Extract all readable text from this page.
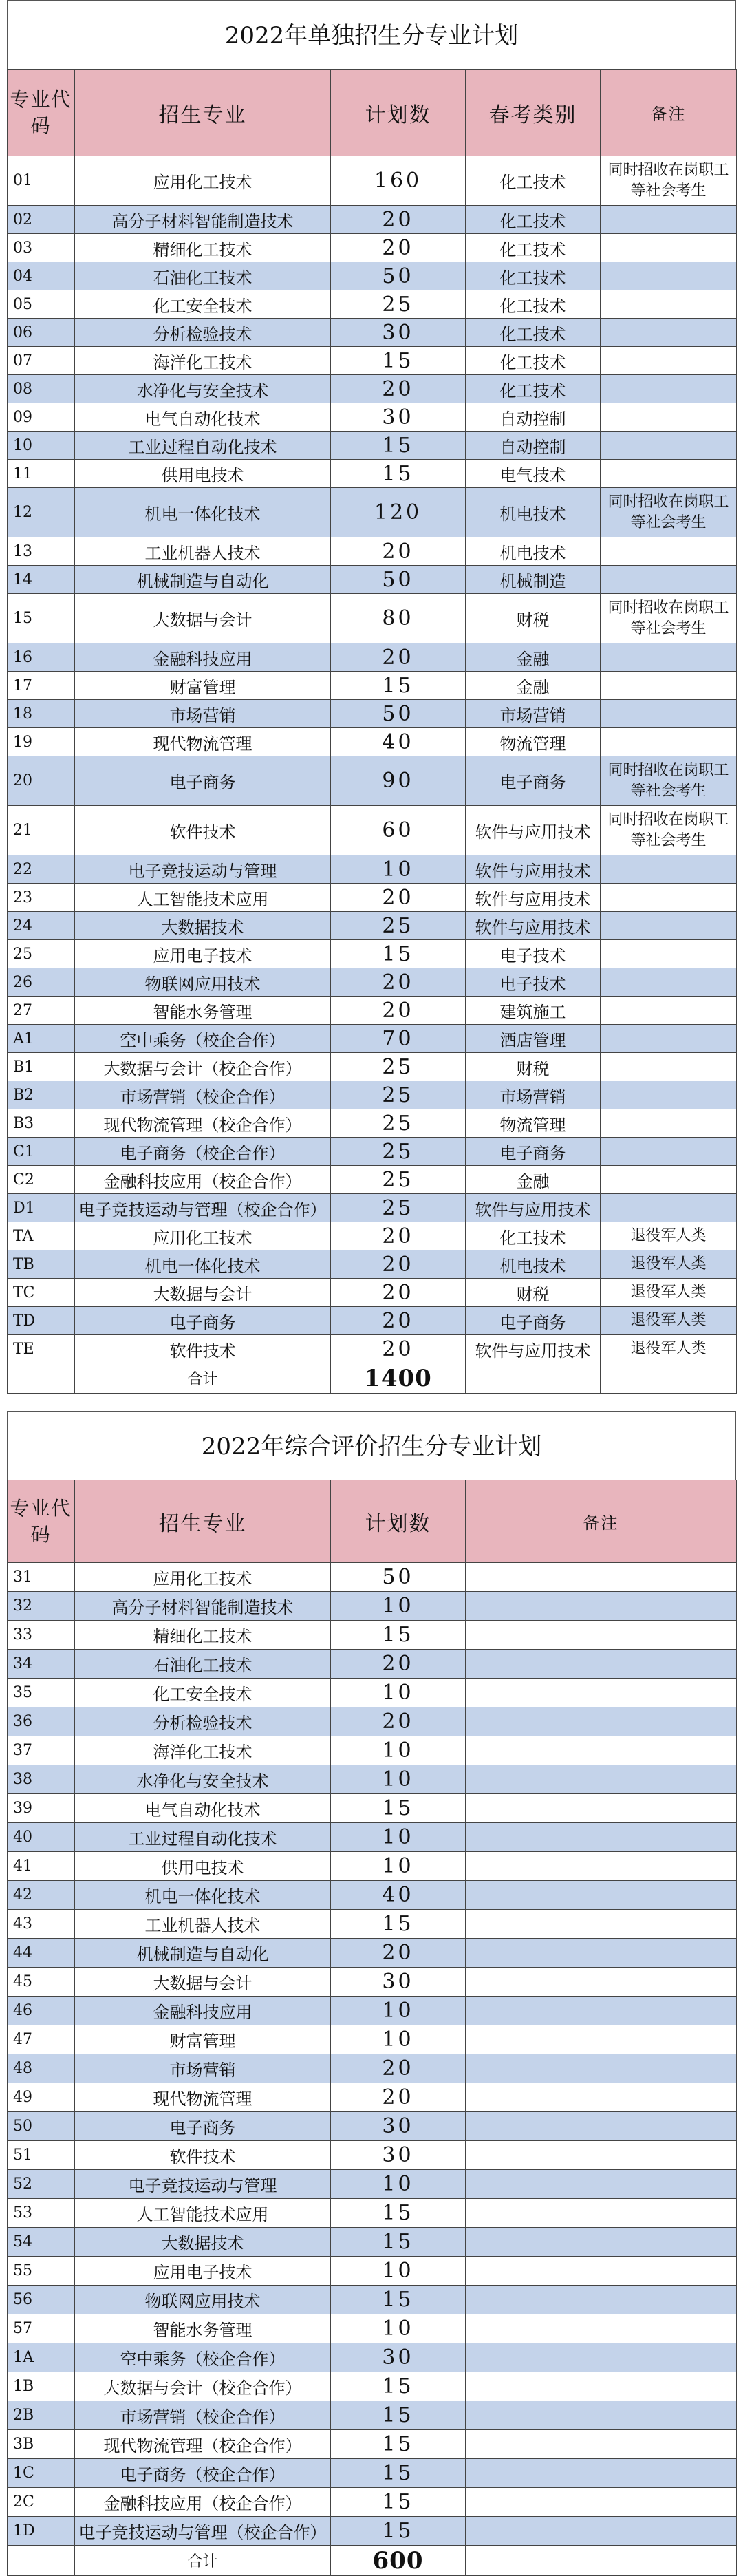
2022年单独招生分专业计划
专业代码	招生专业	计划数	春考类别	备注
01	应用化工技术	160	化工技术	同时招收在岗职工等社会考生
02	高分子材料智能制造技术	20	化工技术	
03	精细化工技术	20	化工技术	
04	石油化工技术	50	化工技术	
05	化工安全技术	25	化工技术	
06	分析检验技术	30	化工技术	
07	海洋化工技术	15	化工技术	
08	水净化与安全技术	20	化工技术	
09	电气自动化技术	30	自动控制	
10	工业过程自动化技术	15	自动控制	
11	供用电技术	15	电气技术	
12	机电一体化技术	120	机电技术	同时招收在岗职工等社会考生
13	工业机器人技术	20	机电技术	
14	机械制造与自动化	50	机械制造	
15	大数据与会计	80	财税	同时招收在岗职工等社会考生
16	金融科技应用	20	金融	
17	财富管理	15	金融	
18	市场营销	50	市场营销	
19	现代物流管理	40	物流管理	
20	电子商务	90	电子商务	同时招收在岗职工等社会考生
21	软件技术	60	软件与应用技术	同时招收在岗职工等社会考生
22	电子竞技运动与管理	10	软件与应用技术	
23	人工智能技术应用	20	软件与应用技术	
24	大数据技术	25	软件与应用技术	
25	应用电子技术	15	电子技术	
26	物联网应用技术	20	电子技术	
27	智能水务管理	20	建筑施工	
A1	空中乘务（校企合作）	70	酒店管理	
B1	大数据与会计（校企合作）	25	财税	
B2	市场营销（校企合作）	25	市场营销	
B3	现代物流管理（校企合作）	25	物流管理	
C1	电子商务（校企合作）	25	电子商务	
C2	金融科技应用（校企合作）	25	金融	
D1	电子竞技运动与管理（校企合作）	25	软件与应用技术	
TA	应用化工技术	20	化工技术	退役军人类
TB	机电一体化技术	20	机电技术	退役军人类
TC	大数据与会计	20	财税	退役军人类
TD	电子商务	20	电子商务	退役军人类
TE	软件技术	20	软件与应用技术	退役军人类
	合计	1400		
2022年综合评价招生分专业计划
专业代码	招生专业	计划数	备注
31	应用化工技术	50	
32	高分子材料智能制造技术	10	
33	精细化工技术	15	
34	石油化工技术	20	
35	化工安全技术	10	
36	分析检验技术	20	
37	海洋化工技术	10	
38	水净化与安全技术	10	
39	电气自动化技术	15	
40	工业过程自动化技术	10	
41	供用电技术	10	
42	机电一体化技术	40	
43	工业机器人技术	15	
44	机械制造与自动化	20	
45	大数据与会计	30	
46	金融科技应用	10	
47	财富管理	10	
48	市场营销	20	
49	现代物流管理	20	
50	电子商务	30	
51	软件技术	30	
52	电子竞技运动与管理	10	
53	人工智能技术应用	15	
54	大数据技术	15	
55	应用电子技术	10	
56	物联网应用技术	15	
57	智能水务管理	10	
1A	空中乘务（校企合作）	30	
1B	大数据与会计（校企合作）	15	
2B	市场营销（校企合作）	15	
3B	现代物流管理（校企合作）	15	
1C	电子商务（校企合作）	15	
2C	金融科技应用（校企合作）	15	
1D	电子竞技运动与管理（校企合作）	15	
	合计	600	
